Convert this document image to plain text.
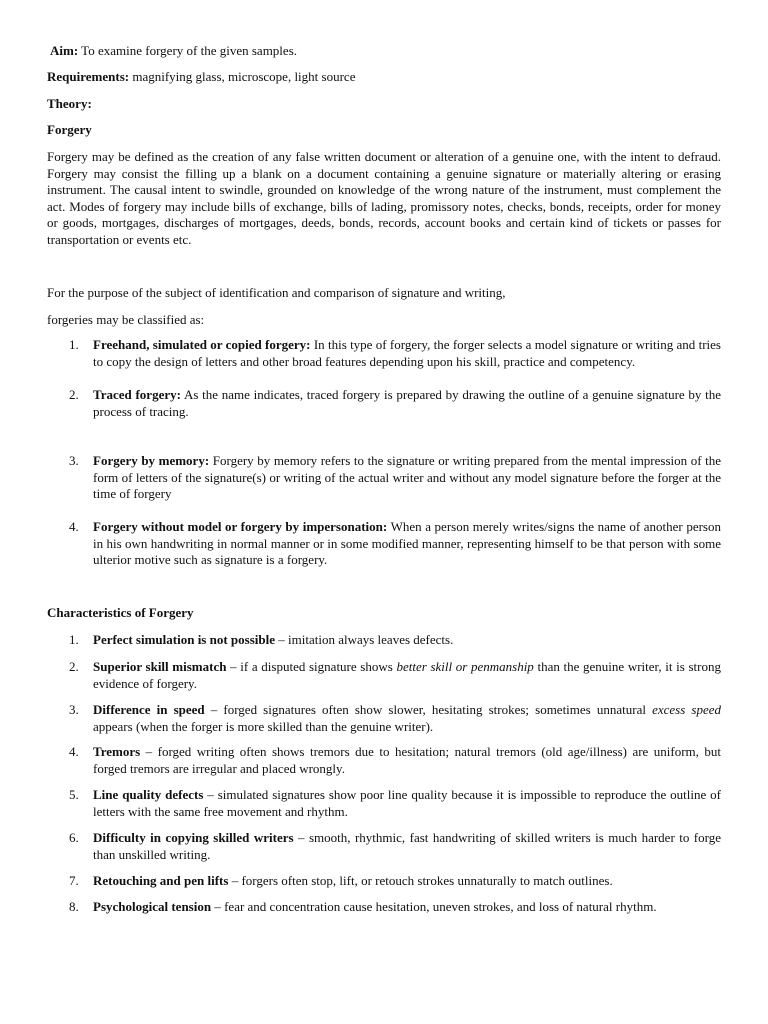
Aim: To examine forgery of the given samples.

Requirements: magnifying glass, microscope, light source

Theory:

Forgery

Forgery may be defined as the creation of any false written document or alteration of a genuine one, with the intent to defraud. Forgery may consist the filling up a blank on a document containing a genuine signature or materially altering or erasing instrument. The causal intent to swindle, grounded on knowledge of the wrong nature of the instrument, must complement the act. Modes of forgery may include bills of exchange, bills of lading, promissory notes, checks, bonds, receipts, order for money or goods, mortgages, discharges of mortgages, deeds, bonds, records, account books and certain kind of tickets or passes for transportation or events etc.

For the purpose of the subject of identification and comparison of signature and writing,

forgeries may be classified as:

1. Freehand, simulated or copied forgery: In this type of forgery, the forger selects a model signature or writing and tries to copy the design of letters and other broad features depending upon his skill, practice and competency.

2. Traced forgery: As the name indicates, traced forgery is prepared by drawing the outline of a genuine signature by the process of tracing.

3. Forgery by memory: Forgery by memory refers to the signature or writing prepared from the mental impression of the form of letters of the signature(s) or writing of the actual writer and without any model signature before the forger at the time of forgery

4. Forgery without model or forgery by impersonation: When a person merely writes/signs the name of another person in his own handwriting in normal manner or in some modified manner, representing himself to be that person with some ulterior motive such as signature is a forgery.

Characteristics of Forgery

1. Perfect simulation is not possible – imitation always leaves defects.

2. Superior skill mismatch – if a disputed signature shows better skill or penmanship than the genuine writer, it is strong evidence of forgery.

3. Difference in speed – forged signatures often show slower, hesitating strokes; sometimes unnatural excess speed appears (when the forger is more skilled than the genuine writer).

4. Tremors – forged writing often shows tremors due to hesitation; natural tremors (old age/illness) are uniform, but forged tremors are irregular and placed wrongly.

5. Line quality defects – simulated signatures show poor line quality because it is impossible to reproduce the outline of letters with the same free movement and rhythm.

6. Difficulty in copying skilled writers – smooth, rhythmic, fast handwriting of skilled writers is much harder to forge than unskilled writing.

7. Retouching and pen lifts – forgers often stop, lift, or retouch strokes unnaturally to match outlines.

8. Psychological tension – fear and concentration cause hesitation, uneven strokes, and loss of natural rhythm.
